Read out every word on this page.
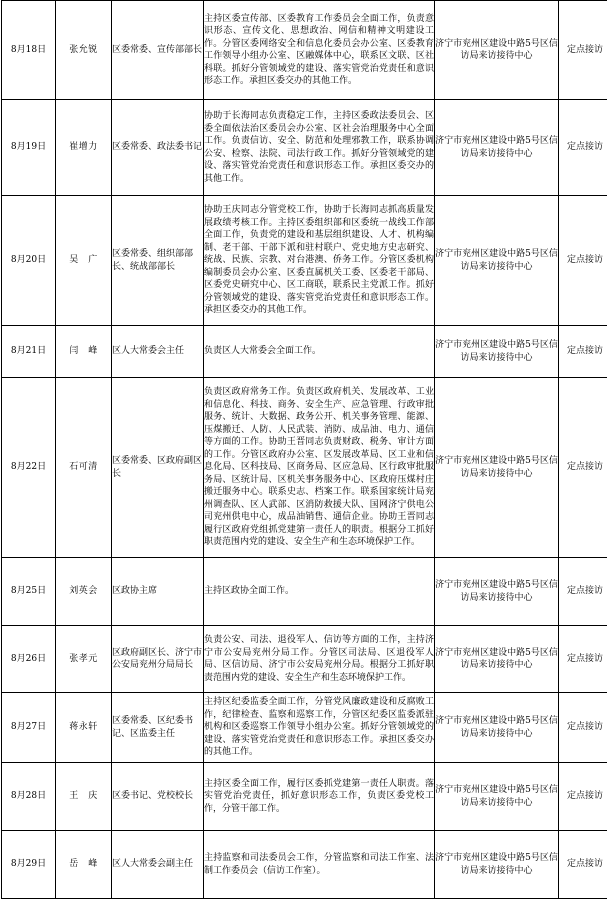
8月18日	张允锐	区委常委、宣传部部长	主持区委宣传部、区委教育工作委员会全面工作，负责意识形态、宣传文化、思想政治、网信和精神文明建设工作。分管区委网络安全和信息化委员会办公室、区委教育工作领导小组办公室、区融媒体中心，联系区文联、区社科联。抓好分管领域党的建设、落实管党治党责任和意识形态工作。承担区委交办的其他工作。	济宁市兖州区建设中路5号区信访局来访接待中心	定点接访
8月19日	崔增力	区委常委、政法委书记	协助于长海同志负责稳定工作，主持区委政法委员会、区委全面依法治区委员会办公室、区社会治理服务中心全面工作。负责信访、安全、防范和处理邪教工作，联系协调公安、检察、法院、司法行政工作。抓好分管领域党的建设、落实管党治党责任和意识形态工作。承担区委交办的其他工作。	济宁市兖州区建设中路5号区信访局来访接待中心	定点接访
8月20日	吴　广	区委常委、组织部部长、统战部部长	协助王庆同志分管党校工作，协助于长海同志抓高质量发展政绩考核工作。主持区委组织部和区委统一战线工作部全面工作，负责党的建设和基层组织建设、人才、机构编制、老干部、干部下派和驻村联户、党史地方史志研究、统战、民族、宗教、对台港澳、侨务工作。分管区委机构编制委员会办公室、区委直属机关工委、区委老干部局、区委党史研究中心、区工商联，联系民主党派工作。抓好分管领域党的建设、落实管党治党责任和意识形态工作。承担区委交办的其他工作。	济宁市兖州区建设中路5号区信访局来访接待中心	定点接访
8月21日	闫　峰	区人大常委会主任	负责区人大常委会全面工作。	济宁市兖州区建设中路5号区信访局来访接待中心	定点接访
8月22日	石可清	区委常委、区政府副区长	负责区政府常务工作。负责区政府机关、发展改革、工业和信息化、科技、商务、安全生产、应急管理、行政审批服务、统计、大数据、政务公开、机关事务管理、能源、压煤搬迁、人防、人民武装、消防、成品油、电力、通信等方面的工作。协助王晋同志负责财政、税务、审计方面的工作。分管区政府办公室、区发展改革局、区工业和信息化局、区科技局、区商务局、区应急局、区行政审批服务局、区统计局、区机关事务服务中心、区政府压煤村庄搬迁服务中心。联系史志、档案工作。联系国家统计局兖州调查队、区人武部、区消防救援大队、国网济宁供电公司兖州供电中心，成品油销售、通信企业。协助王晋同志履行区政府党组抓党建第一责任人的职责。根据分工抓好职责范围内党的建设、安全生产和生态环境保护工作。	济宁市兖州区建设中路5号区信访局来访接待中心	定点接访
8月25日	刘英会	区政协主席	主持区政协全面工作。	济宁市兖州区建设中路5号区信访局来访接待中心	定点接访
8月26日	张孝元	区政府副区长、济宁市公安局兖州分局局长	负责公安、司法、退役军人、信访等方面的工作，主持济宁市公安局兖州分局工作。分管区司法局、区退役军人局、区信访局、济宁市公安局兖州分局。根据分工抓好职责范围内党的建设、安全生产和生态环境保护工作。	济宁市兖州区建设中路5号区信访局来访接待中心	定点接访
8月27日	蒋永轩	区委常委、区纪委书记、区监委主任	主持区纪委监委全面工作，分管党风廉政建设和反腐败工作，纪律检查、监察和巡察工作，分管区纪委区监委派驻机构和区委巡察工作领导小组办公室。抓好分管领域党的建设、落实管党治党责任和意识形态工作。承担区委交办的其他工作。	济宁市兖州区建设中路5号区信访局来访接待中心	定点接访
8月28日	王　庆	区委书记、党校校长	主持区委全面工作，履行区委抓党建第一责任人职责。落实管党治党责任，抓好意识形态工作，负责区委党校工作，分管干部工作。	济宁市兖州区建设中路5号区信访局来访接待中心	定点接访
8月29日	岳　峰	区人大常委会副主任	主持监察和司法委员会工作，分管监察和司法工作室、法制工作委员会（信访工作室）。	济宁市兖州区建设中路5号区信访局来访接待中心	定点接访
